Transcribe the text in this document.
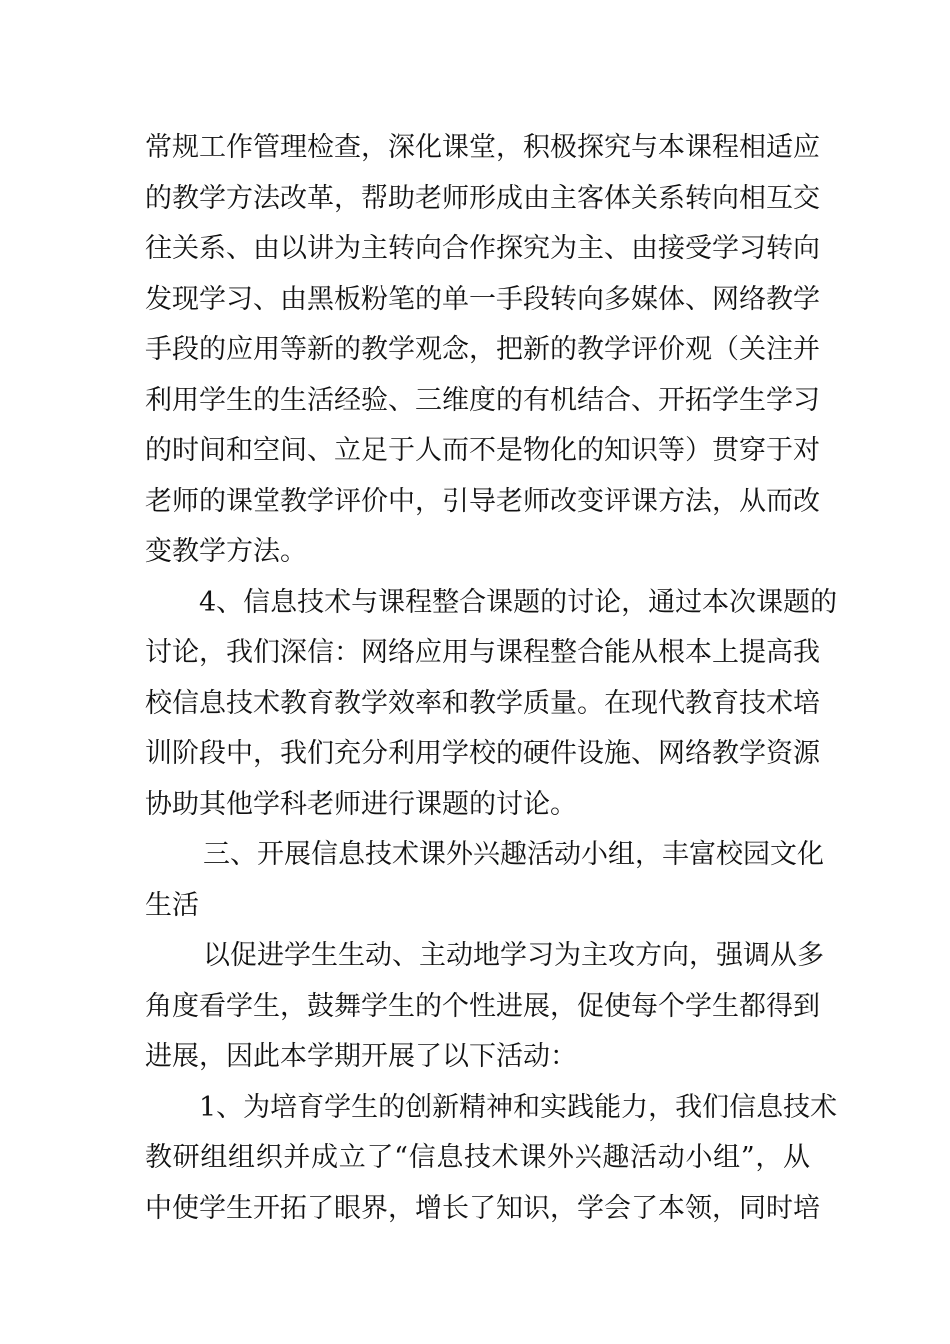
常规工作管理检查，深化课堂，积极探究与本课程相适应
的教学方法改革，帮助老师形成由主客体关系转向相互交
往关系、由以讲为主转向合作探究为主、由接受学习转向
发现学习、由黑板粉笔的单一手段转向多媒体、网络教学
手段的应用等新的教学观念，把新的教学评价观（关注并
利用学生的生活经验、三维度的有机结合、开拓学生学习
的时间和空间、立足于人而不是物化的知识等）贯穿于对
老师的课堂教学评价中，引导老师改变评课方法，从而改
变教学方法。
4、信息技术与课程整合课题的讨论，通过本次课题的
讨论，我们深信：网络应用与课程整合能从根本上提高我
校信息技术教育教学效率和教学质量。在现代教育技术培
训阶段中，我们充分利用学校的硬件设施、网络教学资源
协助其他学科老师进行课题的讨论。
三、开展信息技术课外兴趣活动小组，丰富校园文化
生活
以促进学生生动、主动地学习为主攻方向，强调从多
角度看学生，鼓舞学生的个性进展，促使每个学生都得到
进展，因此本学期开展了以下活动：
1、为培育学生的创新精神和实践能力，我们信息技术
教研组组织并成立了“信息技术课外兴趣活动小组”，从
中使学生开拓了眼界，增长了知识，学会了本领，同时培
